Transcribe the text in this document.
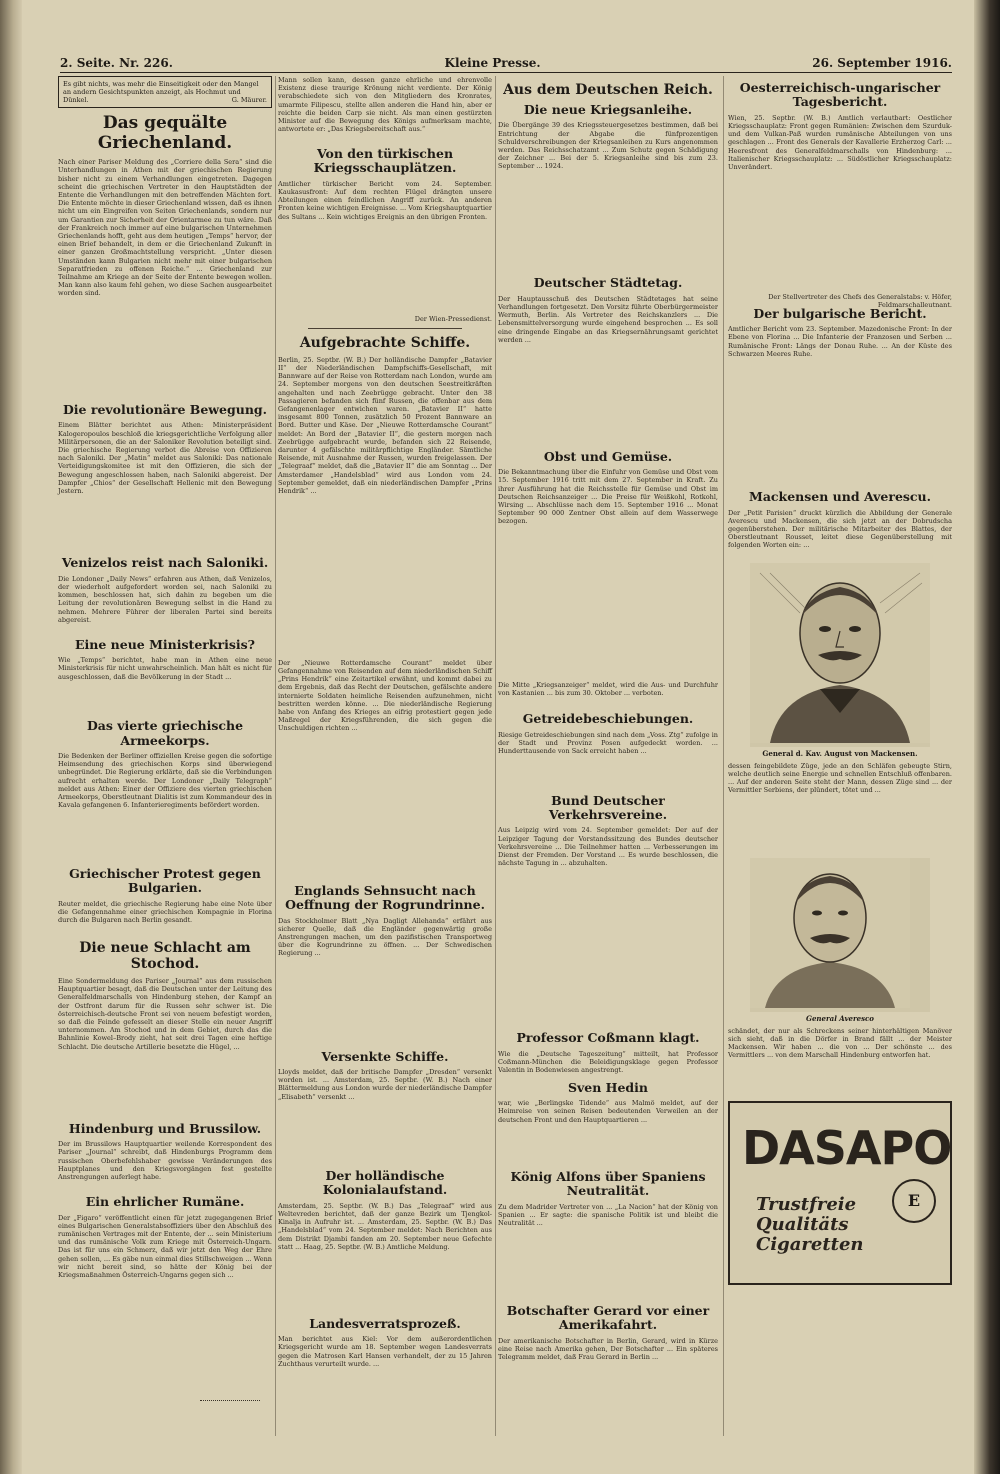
2. Seite. Nr. 226.	Kleine Presse.	26. September 1916.
Es gibt nichts, was mehr die Einseitigkeit oder den Mangel an andern Gesichtspunkten anzeigt, als Hochmut und Dünkel.	G. Mäurer.
Das gequälte Griechenland.

Nach einer Pariser Meldung des „Corriere della Sera“ sind die Unterhandlungen in Athen mit der griechischen Regierung bisher nicht zu einem Verhandlungen eingetreten. Dagegen scheint die griechischen Vertreter in den Hauptstädten der Entente die Verhandlungen mit den betreffenden Mächten fort. Die Entente möchte in dieser Griechenland wissen, daß es ihnen nicht um ein Eingreifen von Seiten Griechenlands, sondern nur um Garantien zur Sicherheit der Orientarmee zu tun wäre. Daß der Frankreich noch immer auf eine bulgarischen Unternehmen Griechenlands hofft, geht aus dem heutigen „Temps“ hervor, der einen Brief behandelt, in dem er die Griechenland Zukunft in einer ganzen Großmachtstellung verspricht. „Unter diesen Umständen kann Bulgarien nicht mehr mit einer bulgarischen Separatfrieden zu offenen Reiche.“ ... Griechenland zur Teilnahme am Kriege an der Seite der Entente bewegen wollen. Man kann also kaum fehl gehen, wo diese Sachen ausgearbeitet worden sind.

Die revolutionäre Bewegung.

Einem Blätter berichtet aus Athen: Ministerpräsident Kalogeropoulos beschloß die kriegsgerichtliche Verfolgung aller Militärpersonen, die an der Saloniker Revolution beteiligt sind. Die griechische Regierung verbot die Abreise von Offizieren nach Saloniki. Der „Matin“ meldet aus Saloniki: Das nationale Verteidigungskomitee ist mit den Offizieren, die sich der Bewegung angeschlossen haben, nach Saloniki abgereist. Der Dampfer „Chios“ der Gesellschaft Hellenic mit den Bewegung Jestern.

Venizelos reist nach Saloniki.

Die Londoner „Daily News“ erfahren aus Athen, daß Venizelos, der wiederholt aufgefordert worden sei, nach Saloniki zu kommen, beschlossen hat, sich dahin zu begeben um die Leitung der revolutionären Bewegung selbst in die Hand zu nehmen. Mehrere Führer der liberalen Partei sind bereits abgereist.

Eine neue Ministerkrisis?

Wie „Temps“ berichtet, habe man in Athen eine neue Ministerkrisis für nicht unwahrscheinlich. Man hält es nicht für ausgeschlossen, daß die Bevölkerung in der Stadt ...

Das vierte griechische Armeekorps.

Die Bedenken der Berliner offiziellen Kreise gegen die sofortige Heimsendung des griechischen Korps sind überwiegend unbegründet. Die Regierung erklärte, daß sie die Verbindungen aufrecht erhalten werde. Der Londoner „Daily Telegraph“ meldet aus Athen: Einer der Offiziere des vierten griechischen Armeekorps, Oberstleutnant Dialitis ist zum Kommandeur des in Kavala gefangenen 6. Infanterieregiments befördert worden.

Griechischer Protest gegen Bulgarien.

Reuter meldet, die griechische Regierung habe eine Note über die Gefangennahme einer griechischen Kompagnie in Florina durch die Bulgaren nach Berlin gesandt.

Die neue Schlacht am Stochod.

Eine Sondermeldung des Pariser „Journal“ aus dem russischen Hauptquartier besagt, daß die Deutschen unter der Leitung des Generalfeldmarschalls von Hindenburg stehen, der Kampf an der Ostfront darum für die Russen sehr schwer ist. Die österreichisch-deutsche Front sei von neuem befestigt worden, so daß die Feinde gefesselt an dieser Stelle ein neuer Angriff unternommen. Am Stochod und in dem Gebiet, durch das die Bahnlinie Kowel–Brody zieht, hat seit drei Tagen eine heftige Schlacht. Die deutsche Artillerie besetzte die Hügel, ...

Hindenburg und Brussilow.

Der im Brussilows Hauptquartier weilende Korrespondent des Pariser „Journal“ schreibt, daß Hindenburgs Programm dem russischen Oberbefehlshaber gewisse Veränderungen des Hauptplanes und den Kriegsvorgängen fest gestellte Anstrengungen auferlegt habe.

Ein ehrlicher Rumäne.

Der „Figaro“ veröffentlicht einen für jetzt zugegangenen Brief eines Bulgarischen Generalstabsoffiziers über den Abschluß des rumänischen Vertrages mit der Entente, der ... sein Ministerium und das rumänische Volk zum Kriege mit Österreich-Ungarn. Das ist für uns ein Schmerz, daß wir jetzt den Weg der Ehre gehen sollen, ... Es gäbe nun einmal dies Stillschweigen ... Wenn wir nicht bereit sind, so hätte der König bei der Kriegsmaßnahmen Österreich-Ungarns gegen sich ...

Mann sollen kann, dessen ganze ehrliche und ehrenvolle Existenz diese traurige Krönung nicht verdiente. Der König verabschiedete sich von den Mitgliedern des Kronrates, umarmte Filipescu, stellte allen anderen die Hand hin, aber er reichte die beiden Carp sie nicht. Als man einen gestürzten Minister auf die Bewegung des Königs aufmerksam machte, antwortete er: „Das Kriegsbereitschaft aus.“

Von den türkischen Kriegsschauplätzen.

Amtlicher türkischer Bericht vom 24. September. Kaukasusfront: Auf dem rechten Flügel drängten unsere Abteilungen einen feindlichen Angriff zurück. An anderen Fronten keine wichtigen Ereignisse. ... Vom Kriegshauptquartier des Sultans ... Kein wichtiges Ereignis an den übrigen Fronten.

Der Wien-Pressedienst.

Aufgebrachte Schiffe.

Berlin, 25. Septbr. (W. B.) Der holländische Dampfer „Batavier II“ der Niederländischen Dampfschiffs-Gesellschaft, mit Bannware auf der Reise von Rotterdam nach London, wurde am 24. September morgens von den deutschen Seestreitkräften angehalten und nach Zeebrügge gebracht. Unter den 38 Passagieren befanden sich fünf Russen, die offenbar aus dem Gefangenenlager entwichen waren. „Batavier II“ hatte insgesamt 800 Tonnen, zusätzlich 50 Prozent Bannware an Bord. Butter und Käse. Der „Nieuwe Rotterdamsche Courant“ meldet: An Bord der „Batavier II“, die gestern morgen nach Zeebrügge aufgebracht wurde, befanden sich 22 Reisende, darunter 4 gefälschte militärpflichtige Engländer. Sämtliche Reisende, mit Ausnahme der Russen, wurden freigelassen. Der „Telegraaf“ meldet, daß die „Batavier II“ die am Sonntag ... Der Amsterdamer „Handelsblad“ wird aus London vom 24. September gemeldet, daß ein niederländischen Dampfer „Prins Hendrik“ ...

Der „Nieuwe Rotterdamsche Courant“ meldet über Gefangennahme von Reisenden auf dem niederländischen Schiff „Prins Hendrik“ eine Zeitartikel erwähnt, und kommt dabei zu dem Ergebnis, daß das Recht der Deutschen, gefälschte andere internierte Soldaten heimliche Reisenden aufzunehmen, nicht bestritten werden könne. ... Die niederländische Regierung habe von Anfang des Krieges an eifrig protestiert gegen jede Maßregel der Kriegsführenden, die sich gegen die Unschuldigen richten ...

Englands Sehnsucht nach Oeffnung der Rogrundrinne.

Das Stockholmer Blatt „Nya Dagligt Allehanda“ erfährt aus sicherer Quelle, daß die Engländer gegenwärtig große Anstrengungen machen, um den pazifistischen Transportweg über die Kogrundrinne zu öffnen. ... Der Schwedischen Regierung ...

Versenkte Schiffe.

Lloyds meldet, daß der britische Dampfer „Dresden“ versenkt worden ist. ... Amsterdam, 25. Septbr. (W. B.) Nach einer Blättermeldung aus London wurde der niederländische Dampfer „Elisabeth“ versenkt ...

Der holländische Kolonialaufstand.

Amsterdam, 25. Septbr. (W. B.) Das „Telegraaf“ wird aus Weltevreden berichtet, daß der ganze Bezirk um Tjengkol-Kinalja in Aufruhr ist. ... Amsterdam, 25. Septbr. (W. B.) Das „Handelsblad“ vom 24. September meldet: Nach Berichten aus dem Distrikt Djambi fanden am 20. September neue Gefechte statt ... Haag, 25. Septbr. (W. B.) Amtliche Meldung.

Landesverratsprozeß.

Man berichtet aus Kiel: Vor dem außerordentlichen Kriegsgericht wurde am 18. September wegen Landesverrats gegen die Matrosen Karl Hansen verhandelt, der zu 15 Jahren Zuchthaus verurteilt wurde. ...

Aus dem Deutschen Reich.
Die neue Kriegsanleihe.

Die Übergänge 39 des Kriegssteuergesetzes bestimmen, daß bei Entrichtung der Abgabe die fünfprozentigen Schuldverschreibungen der Kriegsanleihen zu Kurs angenommen werden. Das Reichsschatzamt ... Zum Schutz gegen Schädigung der Zeichner ... Bei der 5. Kriegsanleihe sind bis zum 23. September ... 1924.

Deutscher Städtetag.

Der Hauptausschuß des Deutschen Städtetages hat seine Verhandlungen fortgesetzt. Den Vorsitz führte Oberbürgermeister Wermuth, Berlin. Als Vertreter des Reichskanzlers ... Die Lebensmittelversorgung wurde eingehend besprochen ... Es soll eine dringende Eingabe an das Kriegsernährungsamt gerichtet werden ...

Obst und Gemüse.

Die Bekanntmachung über die Einfuhr von Gemüse und Obst vom 15. September 1916 tritt mit dem 27. September in Kraft. Zu ihrer Ausführung hat die Reichsstelle für Gemüse und Obst im Deutschen Reichsanzeiger ... Die Preise für Weißkohl, Rotkohl, Wirsing ... Abschlüsse nach dem 15. September 1916 ... Monat September 90 000 Zentner Obst allein auf dem Wasserwege bezogen.

Die Mitte „Kriegsanzeiger“ meldet, wird die Aus- und Durchfuhr von Kastanien ... bis zum 30. Oktober ... verboten.

Getreidebeschiebungen.

Riesige Getreideschiebungen sind nach dem „Voss. Ztg“ zufolge in der Stadt und Provinz Posen aufgedeckt worden. ... Hunderttausende von Sack erreicht haben ...

Bund Deutscher Verkehrsvereine.

Aus Leipzig wird vom 24. September gemeldet: Der auf der Leipziger Tagung der Vorstandssitzung des Bundes deutscher Verkehrsvereine ... Die Teilnehmer hatten ... Verbesserungen im Dienst der Fremden. Der Vorstand ... Es wurde beschlossen, die nächste Tagung in ... abzuhalten.

Professor Coßmann klagt.

Wie die „Deutsche Tageszeitung“ mitteilt, hat Professor Coßmann-München die Beleidigungsklage gegen Professor Valentin in Bodenwiesen angestrengt.

Sven Hedin

war, wie „Berlingske Tidende“ aus Malmö meldet, auf der Heimreise von seinen Reisen bedeutenden Verweilen an der deutschen Front und den Hauptquartieren ...

König Alfons über Spaniens Neutralität.

Zu dem Madrider Vertreter von ... „La Nacion“ hat der König von Spanien ... Er sagte: die spanische Politik ist und bleibt die Neutralität ...

Botschafter Gerard vor einer Amerikafahrt.

Der amerikanische Botschafter in Berlin, Gerard, wird in Kürze eine Reise nach Amerika gehen, Der Botschafter ... Ein späteres Telegramm meldet, daß Frau Gerard in Berlin ...

Oesterreichisch-ungarischer Tagesbericht.

Wien, 25. Septbr. (W. B.) Amtlich verlautbart: Oestlicher Kriegsschauplatz: Front gegen Rumänien: Zwischen dem Szurduk- und dem Vulkan-Paß wurden rumänische Abteilungen von uns geschlagen ... Front des Generals der Kavallerie Erzherzog Carl: ... Heeresfront des Generalfeldmarschalls von Hindenburg: ... Italienischer Kriegsschauplatz: ... Südöstlicher Kriegsschauplatz: Unverändert.

Der Stellvertreter des Chefs des Generalstabs: v. Höfer, Feldmarschalleutnant.

Der bulgarische Bericht.

Amtlicher Bericht vom 23. September. Mazedonische Front: In der Ebene von Florina ... Die Infanterie der Franzosen und Serben ... Rumänische Front: Längs der Donau Ruhe. ... An der Küste des Schwarzen Meeres Ruhe.

Mackensen und Averescu.

Der „Petit Parisien“ druckt kürzlich die Abbildung der Generale Averescu und Mackensen, die sich jetzt an der Dobrudscha gegenüberstehen. Der militärische Mitarbeiter des Blattes, der Oberstleutnant Rousset, leitet diese Gegenüberstellung mit folgenden Worten ein: ...

General d. Kav. August von Mackensen.

dessen feingebildete Züge, jede an den Schläfen gebeugte Stirn, welche deutlich seine Energie und schnellen Entschluß offenbaren. ... Auf der anderen Seite steht der Mann, dessen Züge sind ... der Vermittler Serbiens, der plündert, tötet und ...

General Averesco

schändet, der nur als Schreckens seiner hinterhältigen Manöver sich sieht, daß in die Dörfer in Brand fällt ... der Meister Mackensen. Wir haben ... die von ... Der schönste ... des Vermittlers ... von dem Marschall Hindenburg entworfen hat.

DASAPO
Trustfreie
Qualitäts
Cigaretten
E
